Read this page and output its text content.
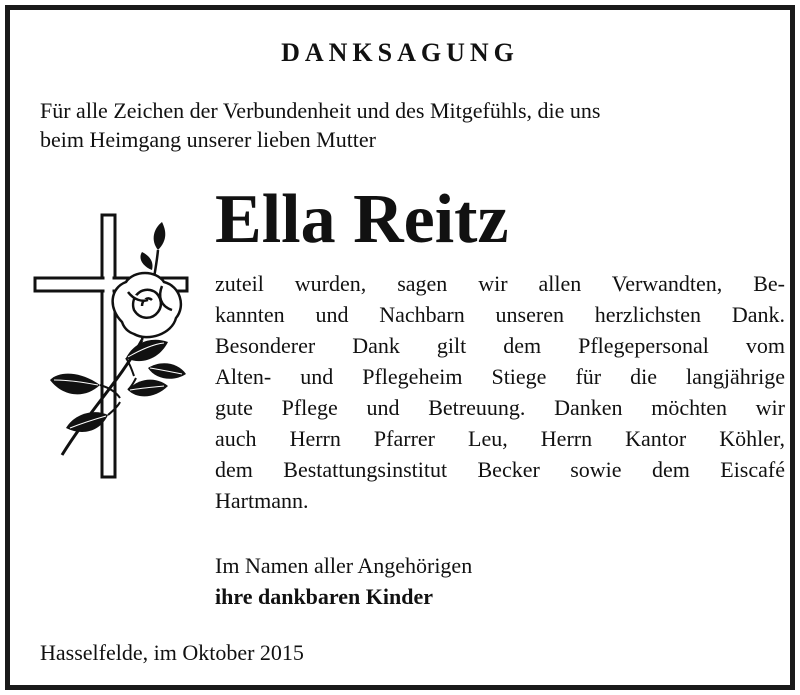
DANKSAGUNG
Für alle Zeichen der Verbundenheit und des Mitgefühls, die uns
beim Heimgang unserer lieben Mutter
Ella Reitz
zuteil wurden, sagen wir allen Verwandten, Be-
kannten und Nachbarn unseren herzlichsten Dank.
Besonderer Dank gilt dem Pflegepersonal vom
Alten- und Pflegeheim Stiege für die langjährige
gute Pflege und Betreuung. Danken möchten wir
auch Herrn Pfarrer Leu, Herrn Kantor Köhler,
dem Bestattungsinstitut Becker sowie dem Eiscafé
Hartmann.
Im Namen aller Angehörigen
ihre dankbaren Kinder
Hasselfelde, im Oktober 2015
